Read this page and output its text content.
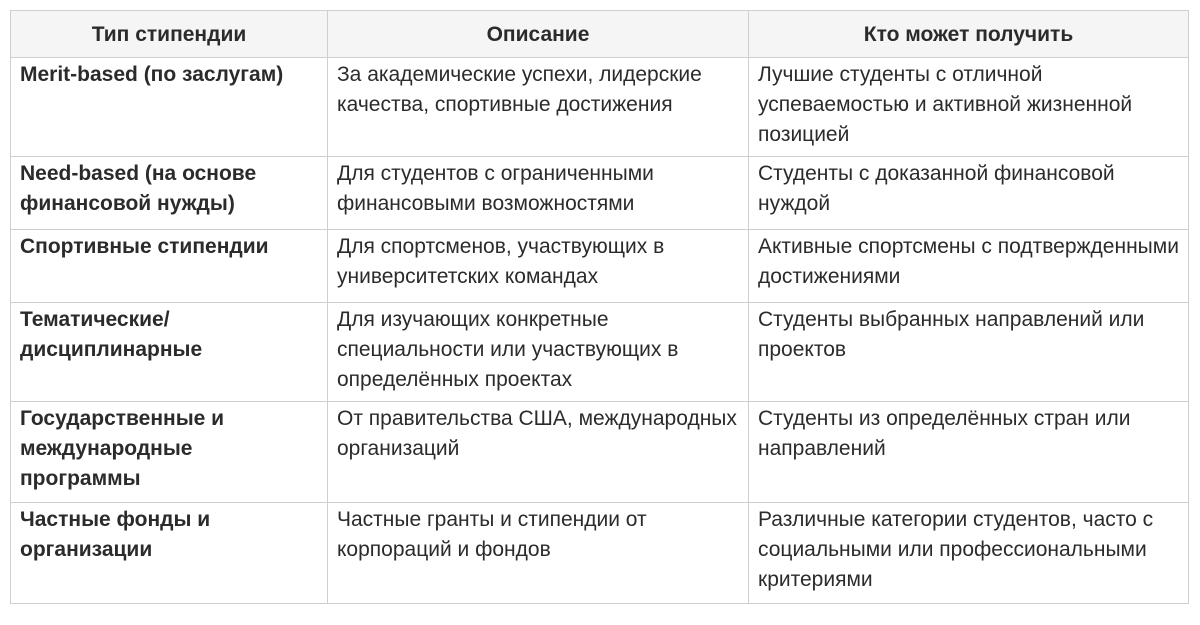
Тип стипендии	Описание	Кто может получить

Merit-based (по заслугам)	За академические успехи, лидерские качества, спортивные достижения	Лучшие студенты с отличной успеваемостью и активной жизненной позицией

Need-based (на основе финансовой нужды)	Для студентов с ограниченными финансовыми возможностями	Студенты с доказанной финансовой нуждой

Спортивные стипендии	Для спортсменов, участвующих в университетских командах	Активные спортсмены с подтвержденными достижениями

Тематические/дисциплинарные	Для изучающих конкретные специальности или участвующих в определённых проектах	Студенты выбранных направлений или проектов

Государственные и международные программы	От правительства США, международных организаций	Студенты из определённых стран или направлений

Частные фонды и организации	Частные гранты и стипендии от корпораций и фондов	Различные категории студентов, часто с социальными или профессиональными критериями
